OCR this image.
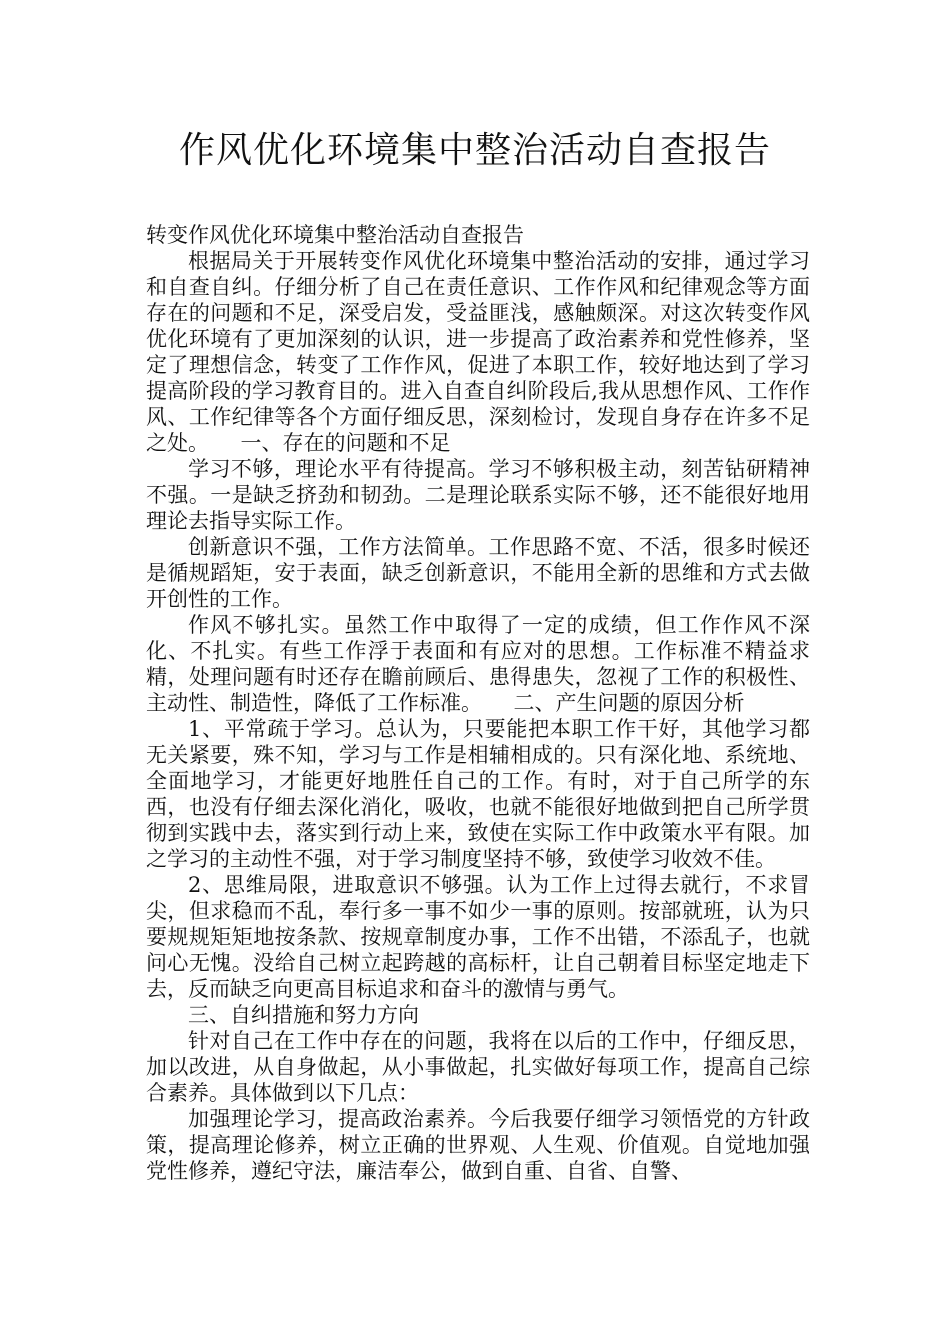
作风优化环境集中整治活动自查报告

转变作风优化环境集中整治活动自查报告

根据局关于开展转变作风优化环境集中整治活动的安排，通过学习和自查自纠。仔细分析了自己在责任意识、工作作风和纪律观念等方面存在的问题和不足，深受启发，受益匪浅，感触颇深。对这次转变作风优化环境有了更加深刻的认识，进一步提高了政治素养和党性修养，坚定了理想信念，转变了工作作风，促进了本职工作，较好地达到了学习提高阶段的学习教育目的。进入自查自纠阶段后,我从思想作风、工作作风、工作纪律等各个方面仔细反思，深刻检讨，发现自身存在许多不足之处。　　一、存在的问题和不足

学习不够，理论水平有待提高。学习不够积极主动，刻苦钻研精神不强。一是缺乏挤劲和韧劲。二是理论联系实际不够，还不能很好地用理论去指导实际工作。

创新意识不强，工作方法简单。工作思路不宽、不活，很多时候还是循规蹈矩，安于表面，缺乏创新意识，不能用全新的思维和方式去做开创性的工作。

作风不够扎实。虽然工作中取得了一定的成绩，但工作作风不深化、不扎实。有些工作浮于表面和有应对的思想。工作标准不精益求精，处理问题有时还存在瞻前顾后、患得患失，忽视了工作的积极性、主动性、制造性，降低了工作标准。　　二、产生问题的原因分析

1、平常疏于学习。总认为，只要能把本职工作干好，其他学习都无关紧要，殊不知，学习与工作是相辅相成的。只有深化地、系统地、全面地学习，才能更好地胜任自己的工作。有时，对于自己所学的东西，也没有仔细去深化消化，吸收，也就不能很好地做到把自己所学贯彻到实践中去，落实到行动上来，致使在实际工作中政策水平有限。加之学习的主动性不强，对于学习制度坚持不够，致使学习收效不佳。

2、思维局限，进取意识不够强。认为工作上过得去就行，不求冒尖，但求稳而不乱，奉行多一事不如少一事的原则。按部就班，认为只要规规矩矩地按条款、按规章制度办事，工作不出错，不添乱子，也就问心无愧。没给自己树立起跨越的高标杆，让自己朝着目标坚定地走下去，反而缺乏向更高目标追求和奋斗的激情与勇气。

三、自纠措施和努力方向

针对自己在工作中存在的问题，我将在以后的工作中，仔细反思，加以改进，从自身做起，从小事做起，扎实做好每项工作，提高自己综合素养。具体做到以下几点：

加强理论学习，提高政治素养。今后我要仔细学习领悟党的方针政策，提高理论修养，树立正确的世界观、人生观、价值观。自觉地加强党性修养，遵纪守法，廉洁奉公，做到自重、自省、自警、
